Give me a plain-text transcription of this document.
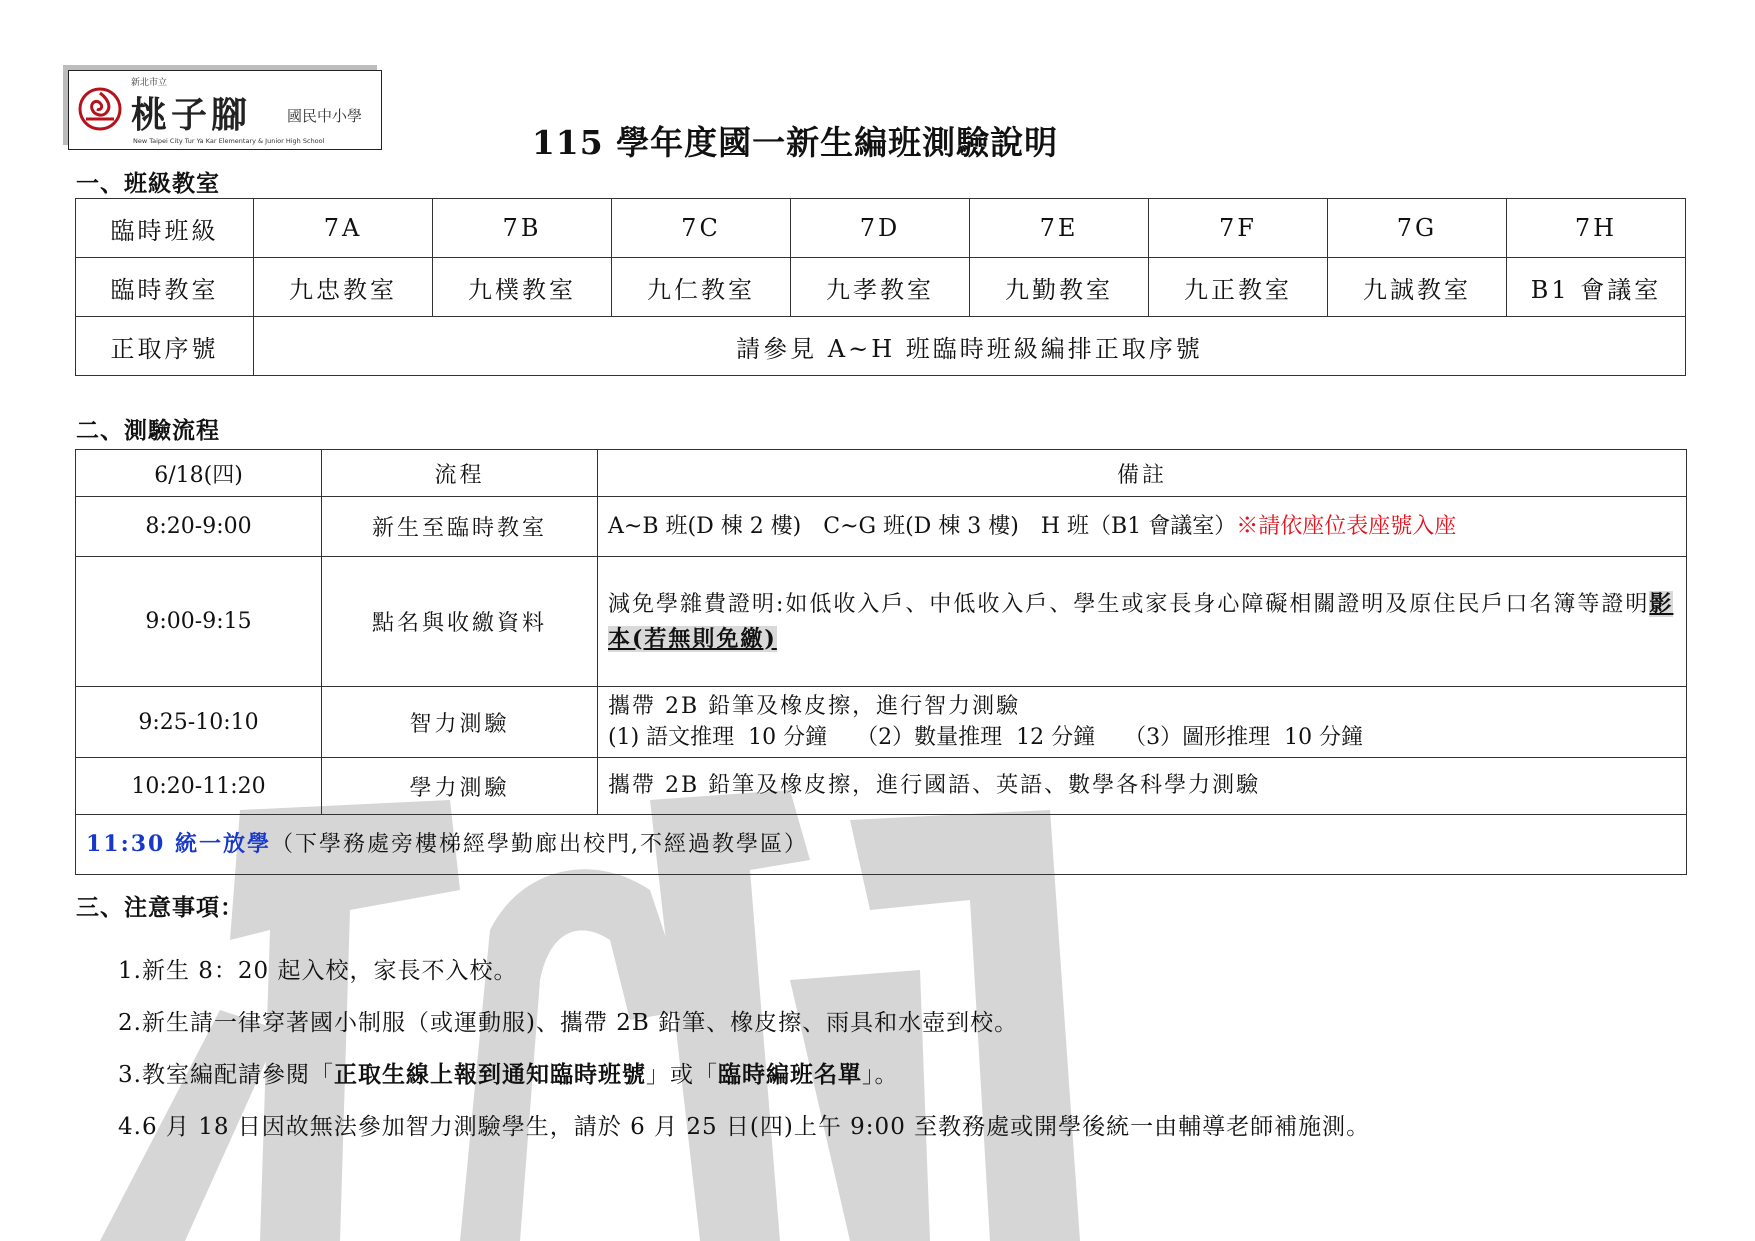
新北市立
桃子腳 國民中小學
New Taipei City Tur Ya Kar Elementary & Junior High School	115 學年度國一新生編班測驗說明
一、班級教室
臨時班級	7A	7B	7C	7D	7E	7F	7G	7H
臨時教室	九忠教室	九樸教室	九仁教室	九孝教室	九勤教室	九正教室	九誠教室	B1 會議室
正取序號	請參見 A~H 班臨時班級編排正取序號							
二、測驗流程
6/18(四)	流程	備註
8:20-9:00	新生至臨時教室	A~B 班(D 棟 2 樓)　C~G 班(D 棟 3 樓)　H 班（B1 會議室）※請依座位表座號入座
9:00-9:15	點名與收繳資料	減免學雜費證明:如低收入戶、中低收入戶、學生或家長身心障礙相關證明及原住民戶口名簿等證明影本(若無則免繳)
9:25-10:10	智力測驗	攜帶 2B 鉛筆及橡皮擦，進行智力測驗
(1) 語文推理  10 分鐘　 （2）數量推理  12 分鐘　 （3）圖形推理  10 分鐘

10:20-11:20	學力測驗	攜帶 2B 鉛筆及橡皮擦，進行國語、英語、數學各科學力測驗
11:30 統一放學（下學務處旁樓梯經學勤廊出校門,不經過教學區）		
三、注意事項：
1.新生 8：20 起入校，家長不入校。
2.新生請一律穿著國小制服（或運動服)、攜帶 2B 鉛筆、橡皮擦、雨具和水壺到校。
3.教室編配請參閱「正取生線上報到通知臨時班號」或「臨時編班名單」。
4.6 月 18 日因故無法參加智力測驗學生，請於 6 月 25 日(四)上午 9:00 至教務處或開學後統一由輔導老師補施測。
